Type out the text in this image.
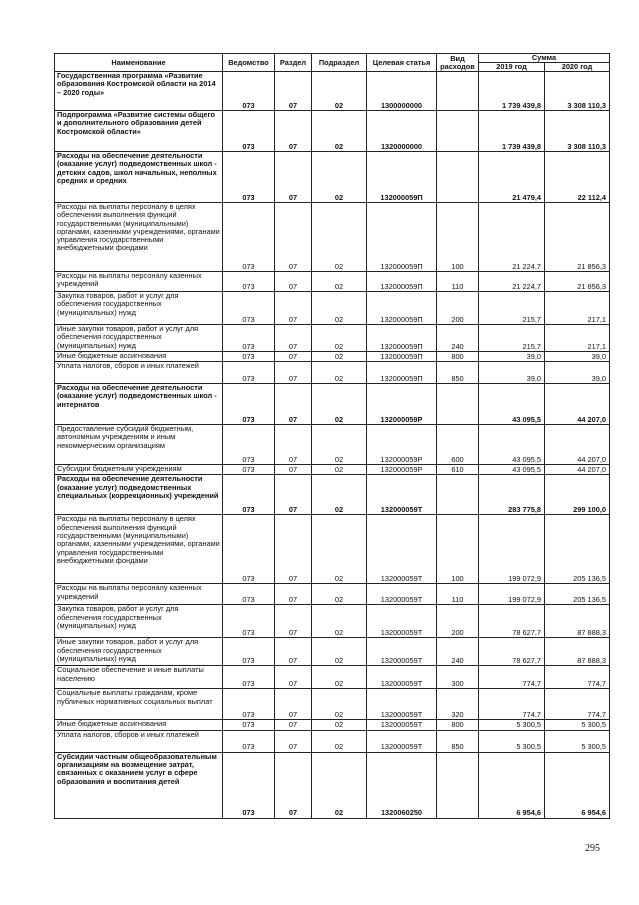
Наименование	Ведомство	Раздел	Подраздел	Целевая статья	Вид расходов	Сумма	
						2019 год	2020 год
Государственная программа «Развитие образования Костромской области на 2014 – 2020 годы»	073	07	02	1300000000		1 739 439,8	3 308 110,3
Подпрограмма «Развитие системы общего и дополнительного образования детей Костромской области»	073	07	02	1320000000		1 739 439,8	3 308 110,3
Расходы на обеспечение деятельности (оказание услуг) подведомственных школ - детских садов, школ начальных, неполных средних и средних	073	07	02	132000059П		21 479,4	22 112,4
Расходы на выплаты персоналу в целях обеспечения выполнения функций государственными (муниципальными) органами, казенными учреждениями, органами управления государственными внебюджетными фондами	073	07	02	132000059П	100	21 224,7	21 856,3
Расходы на выплаты персоналу казенных учреждений	073	07	02	132000059П	110	21 224,7	21 856,3
Закупка товаров, работ и услуг для обеспечения государственных (муниципальных) нужд	073	07	02	132000059П	200	215,7	217,1
Иные закупки товаров, работ и услуг для обеспечения государственных (муниципальных) нужд	073	07	02	132000059П	240	215,7	217,1
Иные бюджетные ассигнования	073	07	02	132000059П	800	39,0	39,0
Уплата налогов, сборов и иных платежей	073	07	02	132000059П	850	39,0	39,0
Расходы на обеспечение деятельности (оказание услуг) подведомственных школ - интернатов	073	07	02	132000059Р		43 095,5	44 207,0
Предоставление субсидий бюджетным, автономным учреждениям и иным некоммерческим организациям	073	07	02	132000059Р	600	43 095,5	44 207,0
Субсидии бюджетным учреждениям	073	07	02	132000059Р	610	43 095,5	44 207,0
Расходы на обеспечение деятельности (оказание услуг) подведомственных специальных (коррекционных) учреждений	073	07	02	132000059Т		283 775,8	299 100,0
Расходы на выплаты персоналу в целях обеспечения выполнения функций государственными (муниципальными) органами, казенными учреждениями, органами управления государственными внебюджетными фондами	073	07	02	132000059Т	100	199 072,9	205 136,5
Расходы на выплаты персоналу казенных учреждений	073	07	02	132000059Т	110	199 072,9	205 136,5
Закупка товаров, работ и услуг для обеспечения государственных (муниципальных) нужд	073	07	02	132000059Т	200	78 627,7	87 888,3
Иные закупки товаров, работ и услуг для обеспечения государственных (муниципальных) нужд	073	07	02	132000059Т	240	78 627,7	87 888,3
Социальное обеспечение и иные выплаты населению	073	07	02	132000059Т	300	774,7	774,7
Социальные выплаты гражданам, кроме публичных нормативных социальных выплат	073	07	02	132000059Т	320	774,7	774,7
Иные бюджетные ассигнования	073	07	02	132000059Т	800	5 300,5	5 300,5
Уплата налогов, сборов и иных платежей	073	07	02	132000059Т	850	5 300,5	5 300,5
Субсидии частным общеобразовательным организациям на возмещение затрат, связанных с оказанием услуг в сфере образования и воспитания детей	073	07	02	1320060250		6 954,6	6 954,6
295
